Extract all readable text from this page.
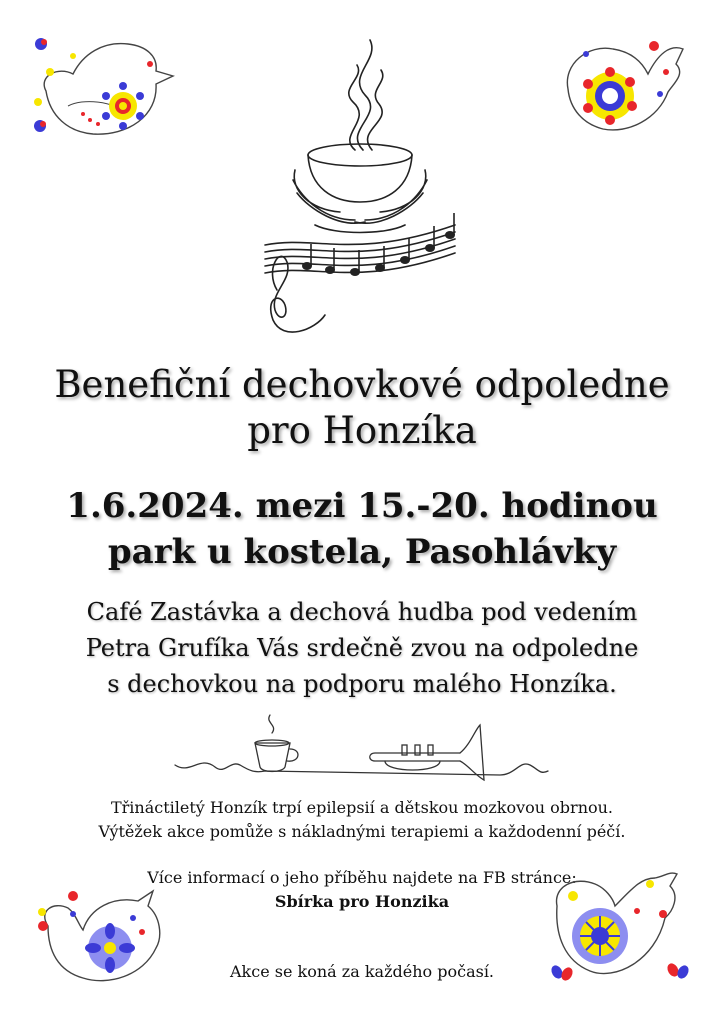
Benefiční dechovkové odpoledne
pro Honzíka
1.6.2024. mezi 15.-20. hodinou
park u kostela, Pasohlávky
Café Zastávka a dechová hudba pod vedením
Petra Grufíka Vás srdečně zvou na odpoledne
s dechovkou na podporu malého Honzíka.
Třináctiletý Honzík trpí epilepsií a dětskou mozkovou obrnou.
Výtěžek akce pomůže s nákladnými terapiemi a každodenní péčí.
Více informací o jeho příběhu najdete na FB stránce:
Sbírka pro Honzika
Akce se koná za každého počasí.
